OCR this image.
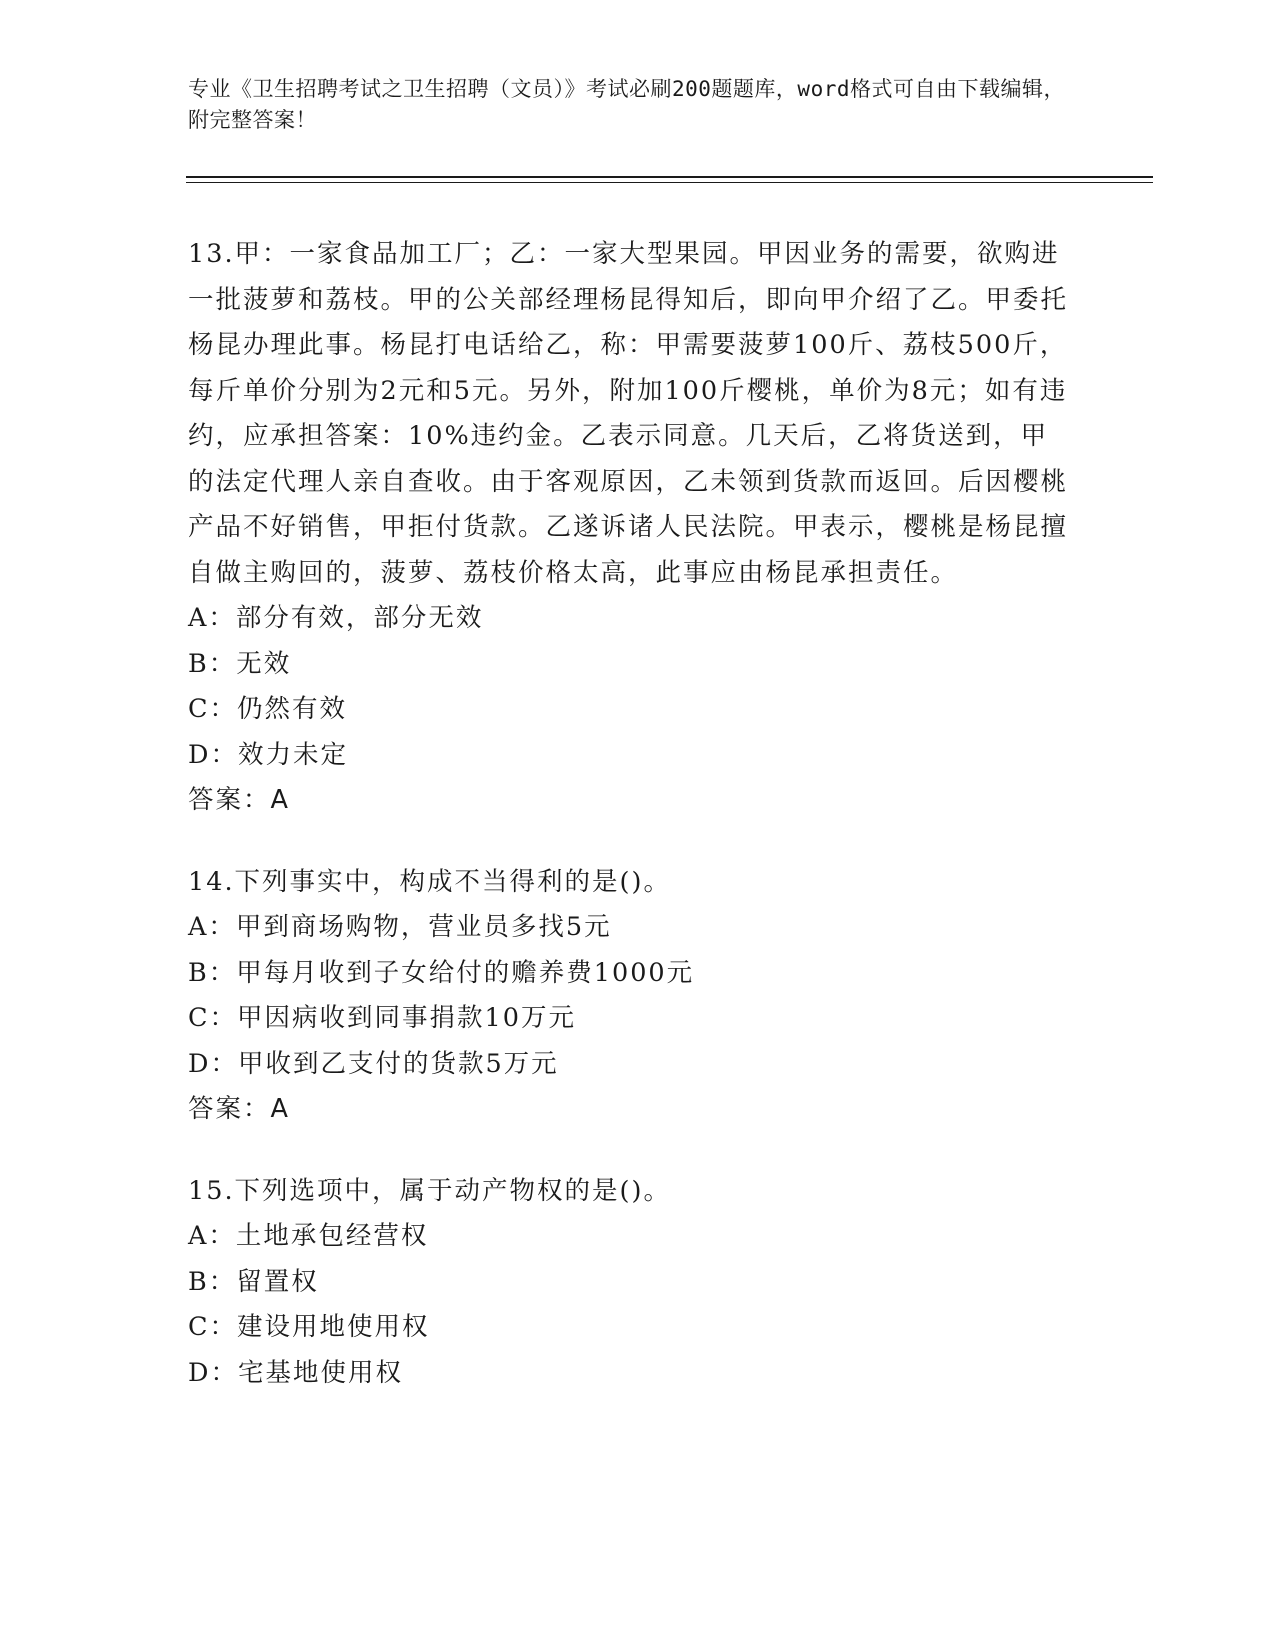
专业《卫生招聘考试之卫生招聘（文员）》考试必刷200题题库，word格式可自由下载编辑，附完整答案！

13.甲：一家食品加工厂；乙：一家大型果园。甲因业务的需要，欲购进一批菠萝和荔枝。甲的公关部经理杨昆得知后，即向甲介绍了乙。甲委托杨昆办理此事。杨昆打电话给乙，称：甲需要菠萝100斤、荔枝500斤，每斤单价分别为2元和5元。另外，附加100斤樱桃，单价为8元；如有违约，应承担答案：10%违约金。乙表示同意。几天后，乙将货送到，甲的法定代理人亲自查收。由于客观原因，乙未领到货款而返回。后因樱桃产品不好销售，甲拒付货款。乙遂诉诸人民法院。甲表示，樱桃是杨昆擅自做主购回的，菠萝、荔枝价格太高，此事应由杨昆承担责任。

A：部分有效，部分无效
B：无效
C：仍然有效
D：效力未定
答案：A

14.下列事实中，构成不当得利的是()。

A：甲到商场购物，营业员多找5元
B：甲每月收到子女给付的赡养费1000元
C：甲因病收到同事捐款10万元
D：甲收到乙支付的货款5万元
答案：A

15.下列选项中，属于动产物权的是()。

A：土地承包经营权
B：留置权
C：建设用地使用权
D：宅基地使用权
